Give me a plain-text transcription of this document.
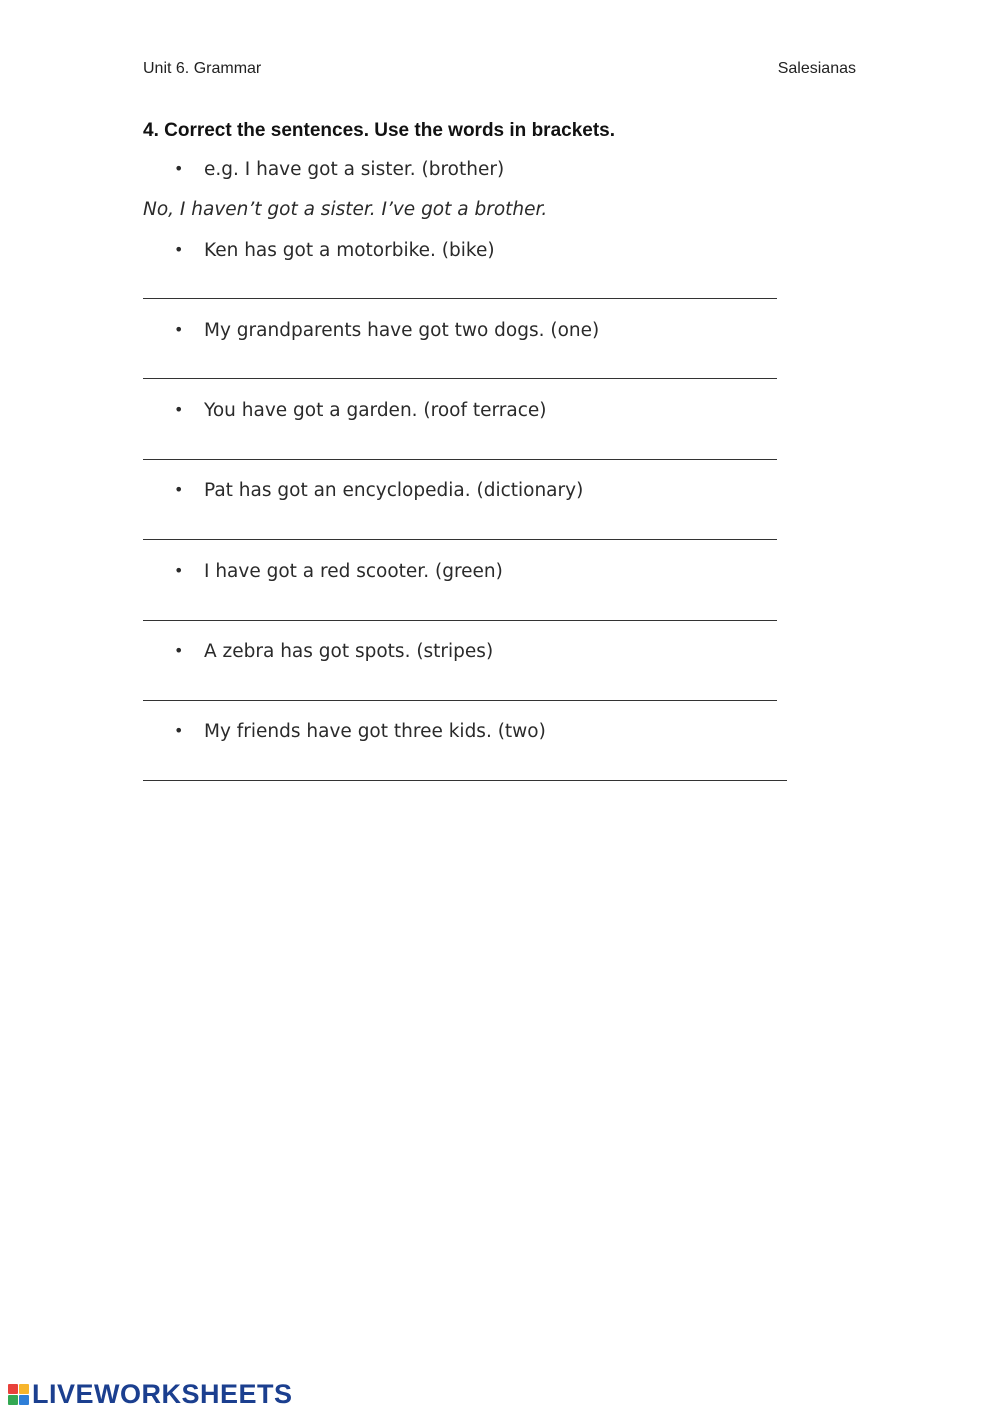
Unit 6. Grammar	Salesianas
4. Correct the sentences. Use the words in brackets.
• e.g. I have got a sister. (brother)
No, I haven’t got a sister. I’ve got a brother.
• Ken has got a motorbike. (bike)
• My grandparents have got two dogs. (one)
• You have got a garden. (roof terrace)
• Pat has got an encyclopedia. (dictionary)
• I have got a red scooter. (green)
• A zebra has got spots. (stripes)
• My friends have got three kids. (two)
LIVEWORKSHEETS
